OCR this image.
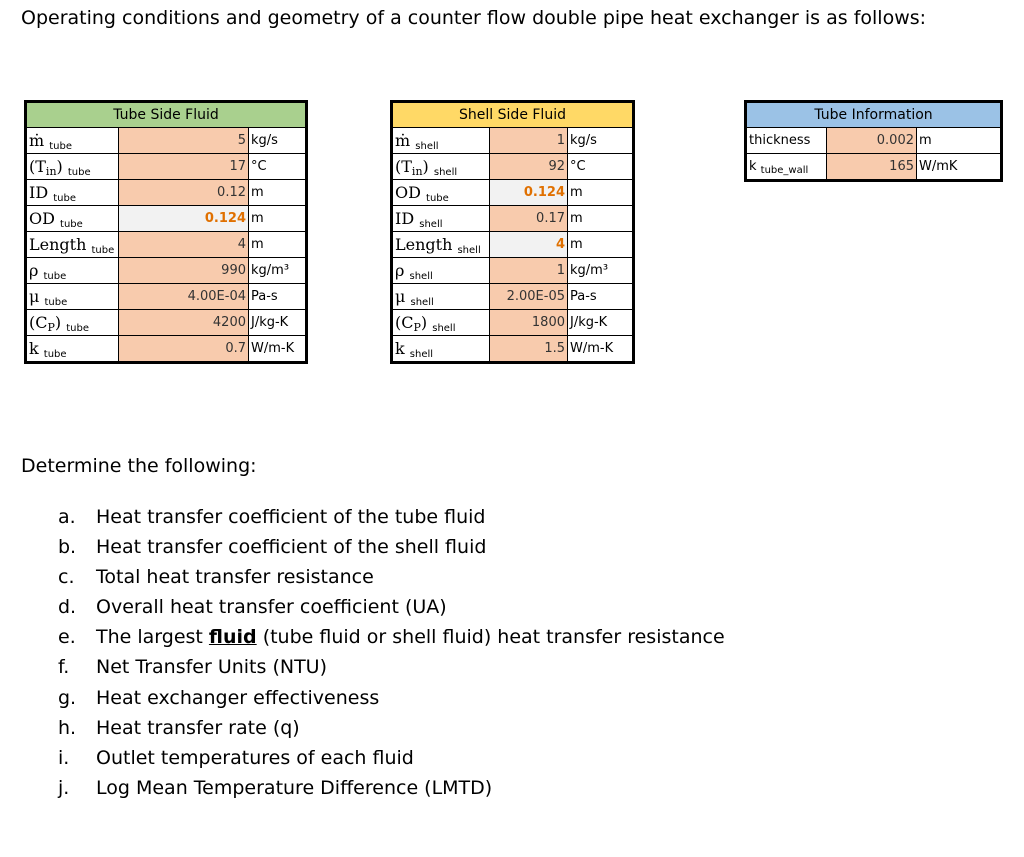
Operating conditions and geometry of a counter flow double pipe heat exchanger is as follows:
Tube Side Fluid		
ṁ tube	5	kg/s
(Tin) tube	17	°C
ID tube	0.12	m
OD tube	0.124	m
Length tube	4	m
ρ tube	990	kg/m³
μ tube	4.00E-04	Pa-s
(CP) tube	4200	J/kg-K
k tube	0.7	W/m-K
Shell Side Fluid		
ṁ shell	1	kg/s
(Tin) shell	92	°C
OD tube	0.124	m
ID shell	0.17	m
Length shell	4	m
ρ shell	1	kg/m³
μ shell	2.00E-05	Pa-s
(CP) shell	1800	J/kg-K
k shell	1.5	W/m-K
Tube Information		
thickness	0.002	m
k $_{tube\_wall}$	165	W/mK
Determine the following:
a. Heat transfer coefficient of the tube fluid
b. Heat transfer coefficient of the shell fluid
c. Total heat transfer resistance
d. Overall heat transfer coefficient (UA)
e. The largest fluid (tube fluid or shell fluid) heat transfer resistance
f. Net Transfer Units (NTU)
g. Heat exchanger effectiveness
h. Heat transfer rate (q)
i. Outlet temperatures of each fluid
j. Log Mean Temperature Difference (LMTD)
